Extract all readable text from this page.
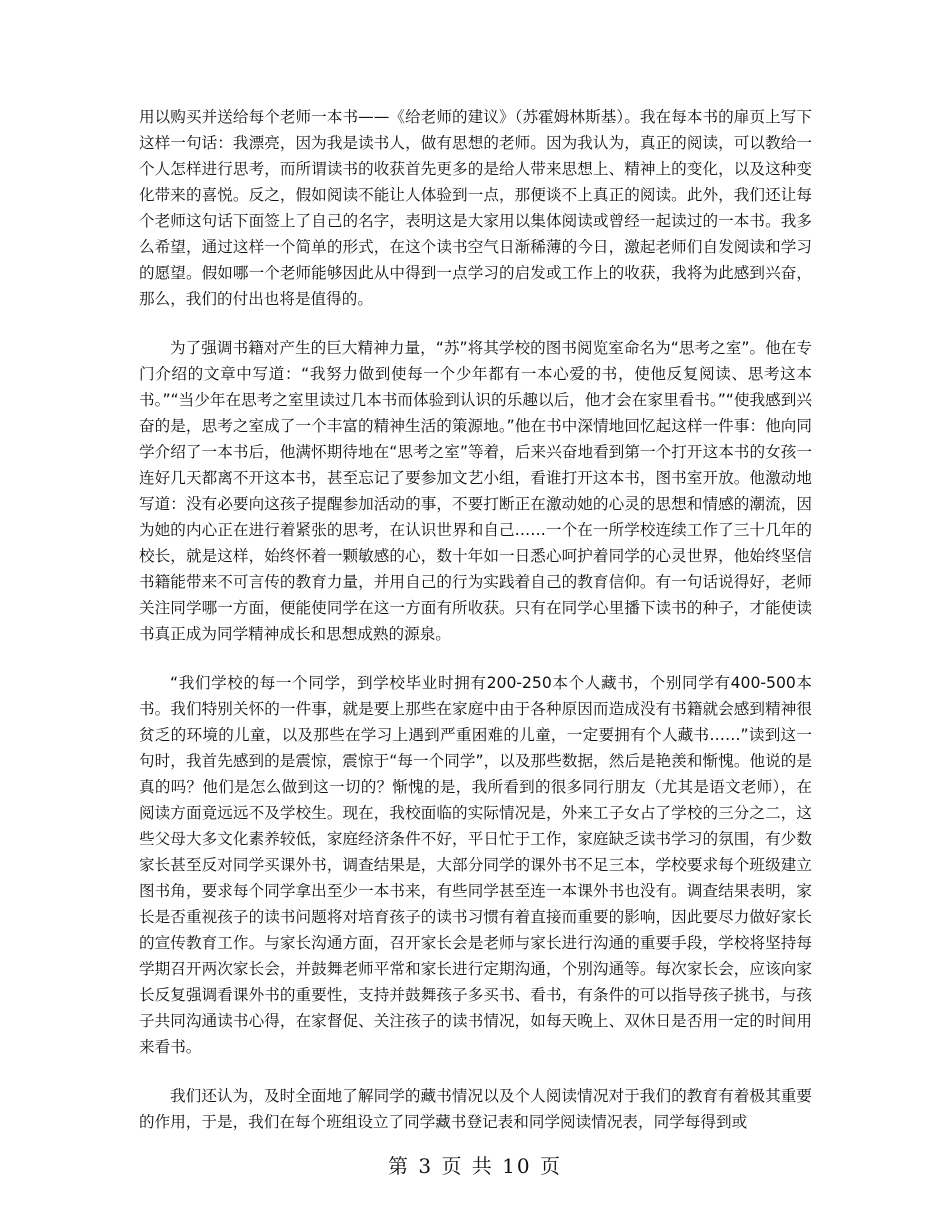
用以购买并送给每个老师一本书——《给老师的建议》（苏霍姆林斯基）。我在每本书的扉页上写下这样一句话：我漂亮，因为我是读书人，做有思想的老师。因为我认为，真正的阅读，可以教给一个人怎样进行思考，而所谓读书的收获首先更多的是给人带来思想上、精神上的变化，以及这种变化带来的喜悦。反之，假如阅读不能让人体验到一点，那便谈不上真正的阅读。此外，我们还让每个老师这句话下面签上了自己的名字，表明这是大家用以集体阅读或曾经一起读过的一本书。我多么希望，通过这样一个简单的形式，在这个读书空气日渐稀薄的今日，激起老师们自发阅读和学习的愿望。假如哪一个老师能够因此从中得到一点学习的启发或工作上的收获，我将为此感到兴奋，那么，我们的付出也将是值得的。

为了强调书籍对产生的巨大精神力量，“苏”将其学校的图书阅览室命名为“思考之室”。他在专门介绍的文章中写道：“我努力做到使每一个少年都有一本心爱的书，使他反复阅读、思考这本书。”“当少年在思考之室里读过几本书而体验到认识的乐趣以后，他才会在家里看书。”“使我感到兴奋的是，思考之室成了一个丰富的精神生活的策源地。”他在书中深情地回忆起这样一件事：他向同学介绍了一本书后，他满怀期待地在“思考之室”等着，后来兴奋地看到第一个打开这本书的女孩一连好几天都离不开这本书，甚至忘记了要参加文艺小组，看谁打开这本书，图书室开放。他激动地写道：没有必要向这孩子提醒参加活动的事，不要打断正在激动她的心灵的思想和情感的潮流，因为她的内心正在进行着紧张的思考，在认识世界和自己……一个在一所学校连续工作了三十几年的校长，就是这样，始终怀着一颗敏感的心，数十年如一日悉心呵护着同学的心灵世界，他始终坚信书籍能带来不可言传的教育力量，并用自己的行为实践着自己的教育信仰。有一句话说得好，老师关注同学哪一方面，便能使同学在这一方面有所收获。只有在同学心里播下读书的种子，才能使读书真正成为同学精神成长和思想成熟的源泉。

“我们学校的每一个同学，到学校毕业时拥有200-250本个人藏书，个别同学有400-500本书。我们特别关怀的一件事，就是要上那些在家庭中由于各种原因而造成没有书籍就会感到精神很贫乏的环境的儿童，以及那些在学习上遇到严重困难的儿童，一定要拥有个人藏书……”读到这一句时，我首先感到的是震惊，震惊于“每一个同学”，以及那些数据，然后是艳羡和惭愧。他说的是真的吗？他们是怎么做到这一切的？惭愧的是，我所看到的很多同行朋友（尤其是语文老师），在阅读方面竟远远不及学校生。现在，我校面临的实际情况是，外来工子女占了学校的三分之二，这些父母大多文化素养较低，家庭经济条件不好，平日忙于工作，家庭缺乏读书学习的氛围，有少数家长甚至反对同学买课外书，调查结果是，大部分同学的课外书不足三本，学校要求每个班级建立图书角，要求每个同学拿出至少一本书来，有些同学甚至连一本课外书也没有。调查结果表明，家长是否重视孩子的读书问题将对培育孩子的读书习惯有着直接而重要的影响，因此要尽力做好家长的宣传教育工作。与家长沟通方面，召开家长会是老师与家长进行沟通的重要手段，学校将坚持每学期召开两次家长会，并鼓舞老师平常和家长进行定期沟通，个别沟通等。每次家长会，应该向家长反复强调看课外书的重要性，支持并鼓舞孩子多买书、看书，有条件的可以指导孩子挑书，与孩子共同沟通读书心得，在家督促、关注孩子的读书情况，如每天晚上、双休日是否用一定的时间用来看书。

我们还认为，及时全面地了解同学的藏书情况以及个人阅读情况对于我们的教育有着极其重要的作用，于是，我们在每个班组设立了同学藏书登记表和同学阅读情况表，同学每得到或

第 3 页 共 10 页
